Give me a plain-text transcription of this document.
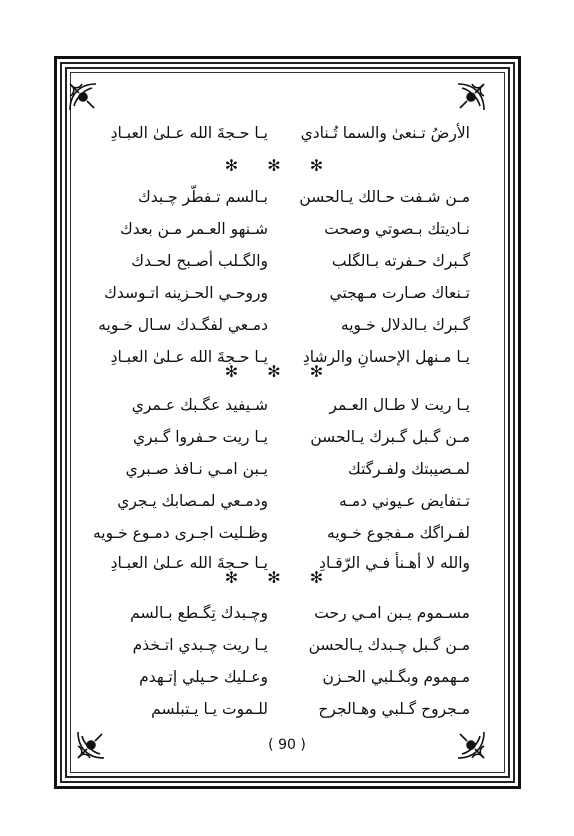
الأرضُ تـنعىٰ والسما تُـنادي
يـا حـجةَ الله عـلىٰ العبـادِ
✻ ✻ ✻
مـن شـفت حـالك يـالحسن
بـالسم تـفطّر چـبدك
نـاديتك بـصوتي وصحت
شـنهو العـمر مـن بعدك
گـبرك حـفرته بـالگلب
والگـلب أصـبح لحـدك
تـنعاك صـارت مـهجتي
وروحـي الحـزينه اتـوسدك
گـبرك بـالدلال خـويه
دمـعي لفگـدك سـال خـويه
يـا مـنهل الإحسانِ والرشادِ
يـا حـجةَ الله عـلىٰ العبـادِ
✻ ✻ ✻
يـا ريت لا طـال العـمر
شـيفيد عگـبك عـمري
مـن گـبل گـبرك يـالحسن
يـا ريت حـفروا گـبري
لمـصيبتك ولفـرگتك
يـبن امـي نـافذ صـبري
تـتفايض عـيوني دمـه
ودمـعي لمـصابك يـجري
لفـراگك مـفجوع خـويه
وظـليت اجـرى دمـوع خـويه
والله لا أهـنأ فـي الرّقـادِ
يـا حـجةَ الله عـلىٰ العبـادِ
✻ ✻ ✻
مسـموم يـبن امـي رحت
وچـبدك تِگـطع بـالسم
مـن گـبل چـبدك يـالحسن
يـا ريت چـبدي اتـخذم
مـهموم وبگـلبي الحـزن
وعـليك حـيلي إتـهدم
مـجروح گـلبي وهـالجرح
للـموت يـا يـتبلسم
( 90 )
